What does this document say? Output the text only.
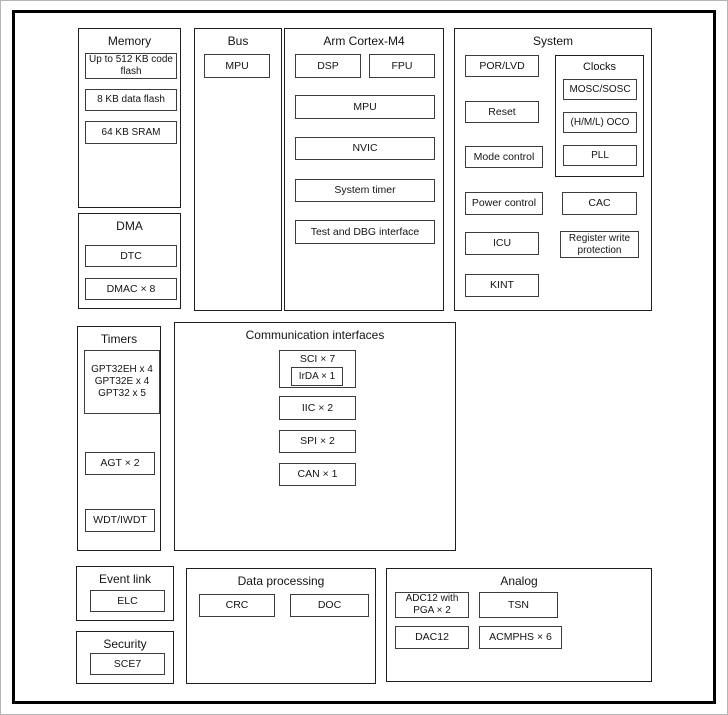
Memory
Up to 512 KB code flash
8 KB data flash
64 KB SRAM
DMA
DTC
DMAC × 8
Bus
MPU
Arm Cortex-M4
DSP	FPU
MPU
NVIC
System timer
Test and DBG interface
System
POR/LVD
Reset
Mode control
Power control
ICU
KINT
Clocks
MOSC/SOSC
(H/M/L) OCO
PLL
CAC
Register write protection
Timers
GPT32EH x 4
GPT32E x 4
GPT32 x 5
AGT × 2
WDT/IWDT
Communication interfaces
SCI × 7
IrDA × 1
IIC × 2
SPI × 2
CAN × 1
Event link
ELC
Security
SCE7
Data processing
CRC	DOC
Analog
ADC12 with PGA × 2	TSN
DAC12	ACMPHS × 6
